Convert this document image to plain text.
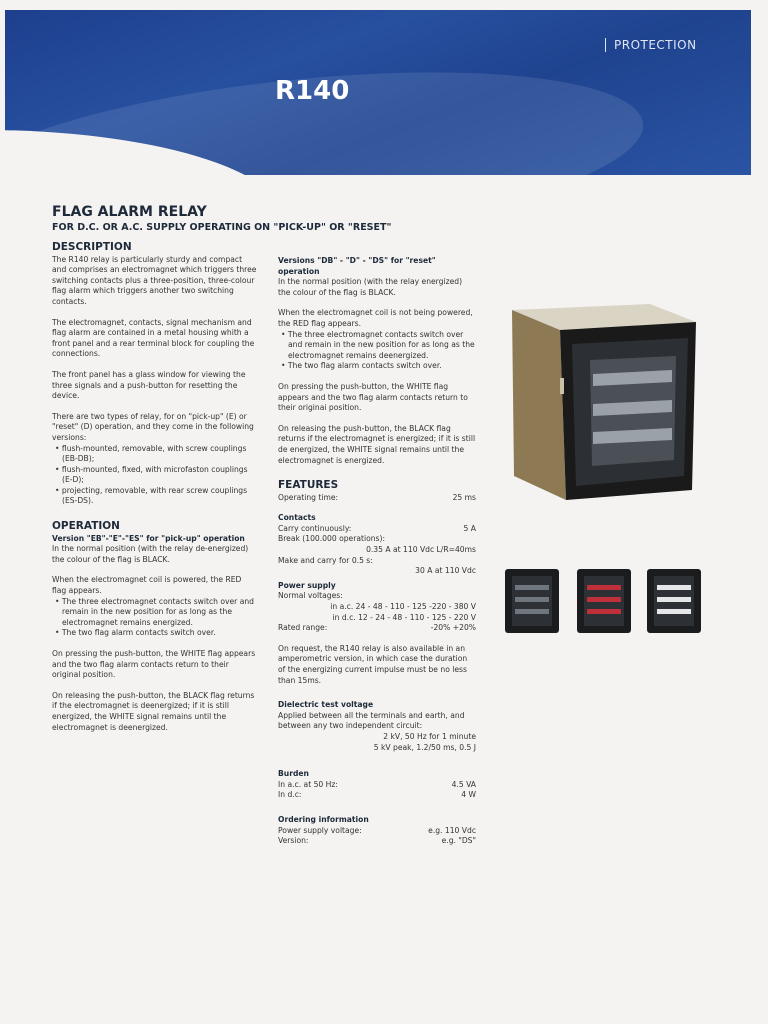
PROTECTION
R140
FLAG ALARM RELAY
FOR D.C. OR A.C. SUPPLY OPERATING ON "PICK-UP" OR "RESET"
DESCRIPTION

The R140 relay is particularly sturdy and compact and comprises an electromagnet which triggers three switching contacts plus a three-position, three-colour flag alarm which triggers another two switching contacts.

The electromagnet, contacts, signal mechanism and flag alarm are contained in a metal housing whith a front panel and a rear terminal block for coupling the connections.

The front panel has a glass window for viewing the three signals and a push-button for resetting the device.

There are two types of relay, for on "pick-up" (E) or "reset" (D) operation, and they come in the following versions:

• flush-mounted, removable, with screw couplings (EB-DB);
• flush-mounted, fixed, with microfaston couplings (E-D);
• projecting, removable, with rear screw couplings (ES-DS).
OPERATION
Version "EB"-"E"-"ES" for "pick-up" operation

In the normal position (with the relay de-energized) the colour of the flag is BLACK.

When the electromagnet coil is powered, the RED flag appears.

• The three electromagnet contacts switch over and remain in the new position for as long as the electromagnet remains energized.
• The two flag alarm contacts switch over.

On pressing the push-button, the WHITE flag appears and the two flag alarm contacts return to their original position.

On releasing the push-button, the BLACK flag returns if the electromagnet is deenergized; if it is still energized, the WHITE signal remains until the electromagnet is deenergized.

Versions "DB" - "D" - "DS" for "reset" operation

In the normal position (with the relay energized) the colour of the flag is BLACK.

When the electromagnet coil is not being powered, the RED flag appears.

• The three electromagnet contacts switch over and remain in the new position for as long as the electromagnet remains deenergized.
• The two flag alarm contacts switch over.

On pressing the push-button, the WHITE flag appears and the two flag alarm contacts return to their originai position.

On releasing the push-button, the BLACK flag returns if the electromagnet is energized; if it is still de energized, the WHITE signal remains until the electromagnet is energized.

FEATURES
Operating time:	25 ms
Contacts
Carry continuously:	5 A
Break (100.000 operations):
0.35 A at 110 Vdc L/R=40ms
Make and carry for 0.5 s:
30 A at 110 Vdc
Power supply
Normal voltages:
in a.c. 24 - 48 - 110 - 125 -220 - 380 V
in d.c. 12 - 24 - 48 - 110 - 125 - 220 V
Rated range:	-20% +20%

On request, the R140 relay is also available in an amperometric version, in which case the duration of the energizing current impulse must be no less than 15ms.

Dielectric test voltage
Applied between all the terminals and earth, and between any two independent circuit:
2 kV, 50 Hz for 1 minute
5 kV peak, 1.2/50 ms, 0.5 J
Burden
In a.c. at 50 Hz:	4.5 VA
In d.c:	4 W
Ordering information
Power supply voltage:	e.g. 110 Vdc
Version:	e.g. "DS"
